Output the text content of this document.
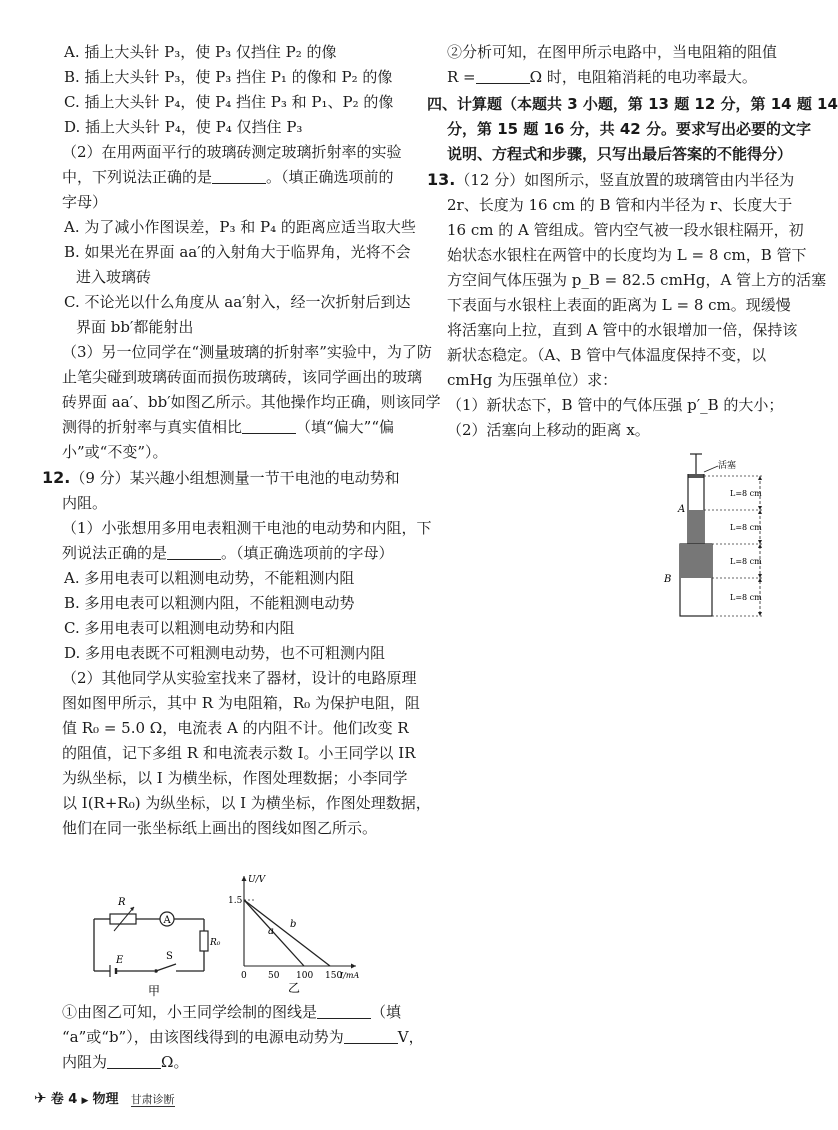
A. 插上大头针 P₃，使 P₃ 仅挡住 P₂ 的像
B. 插上大头针 P₃，使 P₃ 挡住 P₁ 的像和 P₂ 的像
C. 插上大头针 P₄，使 P₄ 挡住 P₃ 和 P₁、P₂ 的像
D. 插上大头针 P₄，使 P₄ 仅挡住 P₃
（2）在用两面平行的玻璃砖测定玻璃折射率的实验
中，下列说法正确的是	。（填正确选项前的
字母）
A. 为了减小作图误差，P₃ 和 P₄ 的距离应适当取大些
B. 如果光在界面 aa′的入射角大于临界角，光将不会
进入玻璃砖
C. 不论光以什么角度从 aa′射入，经一次折射后到达
界面 bb′都能射出
（3）另一位同学在“测量玻璃的折射率”实验中，为了防
止笔尖碰到玻璃砖面而损伤玻璃砖，该同学画出的玻璃
砖界面 aa′、bb′如图乙所示。其他操作均正确，则该同学
测得的折射率与真实值相比	（填“偏大”“偏
小”或“不变”）。
12.（9 分）某兴趣小组想测量一节干电池的电动势和
内阻。
（1）小张想用多用电表粗测干电池的电动势和内阻，下
列说法正确的是	。（填正确选项前的字母）
A. 多用电表可以粗测电动势，不能粗测内阻
B. 多用电表可以粗测内阻，不能粗测电动势
C. 多用电表可以粗测电动势和内阻
D. 多用电表既不可粗测电动势，也不可粗测内阻
（2）其他同学从实验室找来了器材，设计的电路原理
图如图甲所示，其中 R 为电阻箱，R₀ 为保护电阻，阻
值 R₀ = 5.0 Ω，电流表 A 的内阻不计。他们改变 R
的阻值，记下多组 R 和电流表示数 I。小王同学以 IR
为纵坐标，以 I 为横坐标，作图处理数据；小李同学
以 I(R+R₀) 为纵坐标，以 I 为横坐标，作图处理数据，
他们在同一张坐标纸上画出的图线如图乙所示。
R
A
R₀
E	S
甲
U/V
1.5
a
b
0 50 100 150
I/mA
乙
①由图乙可知，小王同学绘制的图线是	（填
“a”或“b”），由该图线得到的电源电动势为	V，
内阻为	Ω。
②分析可知，在图甲所示电路中，当电阻箱的阻值
R =	Ω 时，电阻箱消耗的电功率最大。
四、计算题（本题共 3 小题，第 13 题 12 分，第 14 题 14
分，第 15 题 16 分，共 42 分。要求写出必要的文字
说明、方程式和步骤，只写出最后答案的不能得分）
13.（12 分）如图所示，竖直放置的玻璃管由内半径为
2r、长度为 16 cm 的 B 管和内半径为 r、长度大于
16 cm 的 A 管组成。管内空气被一段水银柱隔开，初
始状态水银柱在两管中的长度均为 L = 8 cm，B 管下
方空间气体压强为 p_B = 82.5 cmHg，A 管上方的活塞
下表面与水银柱上表面的距离为 L = 8 cm。现缓慢
将活塞向上拉，直到 A 管中的水银增加一倍，保持该
新状态稳定。（A、B 管中气体温度保持不变，以
cmHg 为压强单位）求：
（1）新状态下，B 管中的气体压强 p′_B 的大小；
（2）活塞向上移动的距离 x。
活塞
A
B
L=8 cm
L=8 cm
L=8 cm
L=8 cm
✈ 卷 4 ▶ 物理 甘肃诊断
